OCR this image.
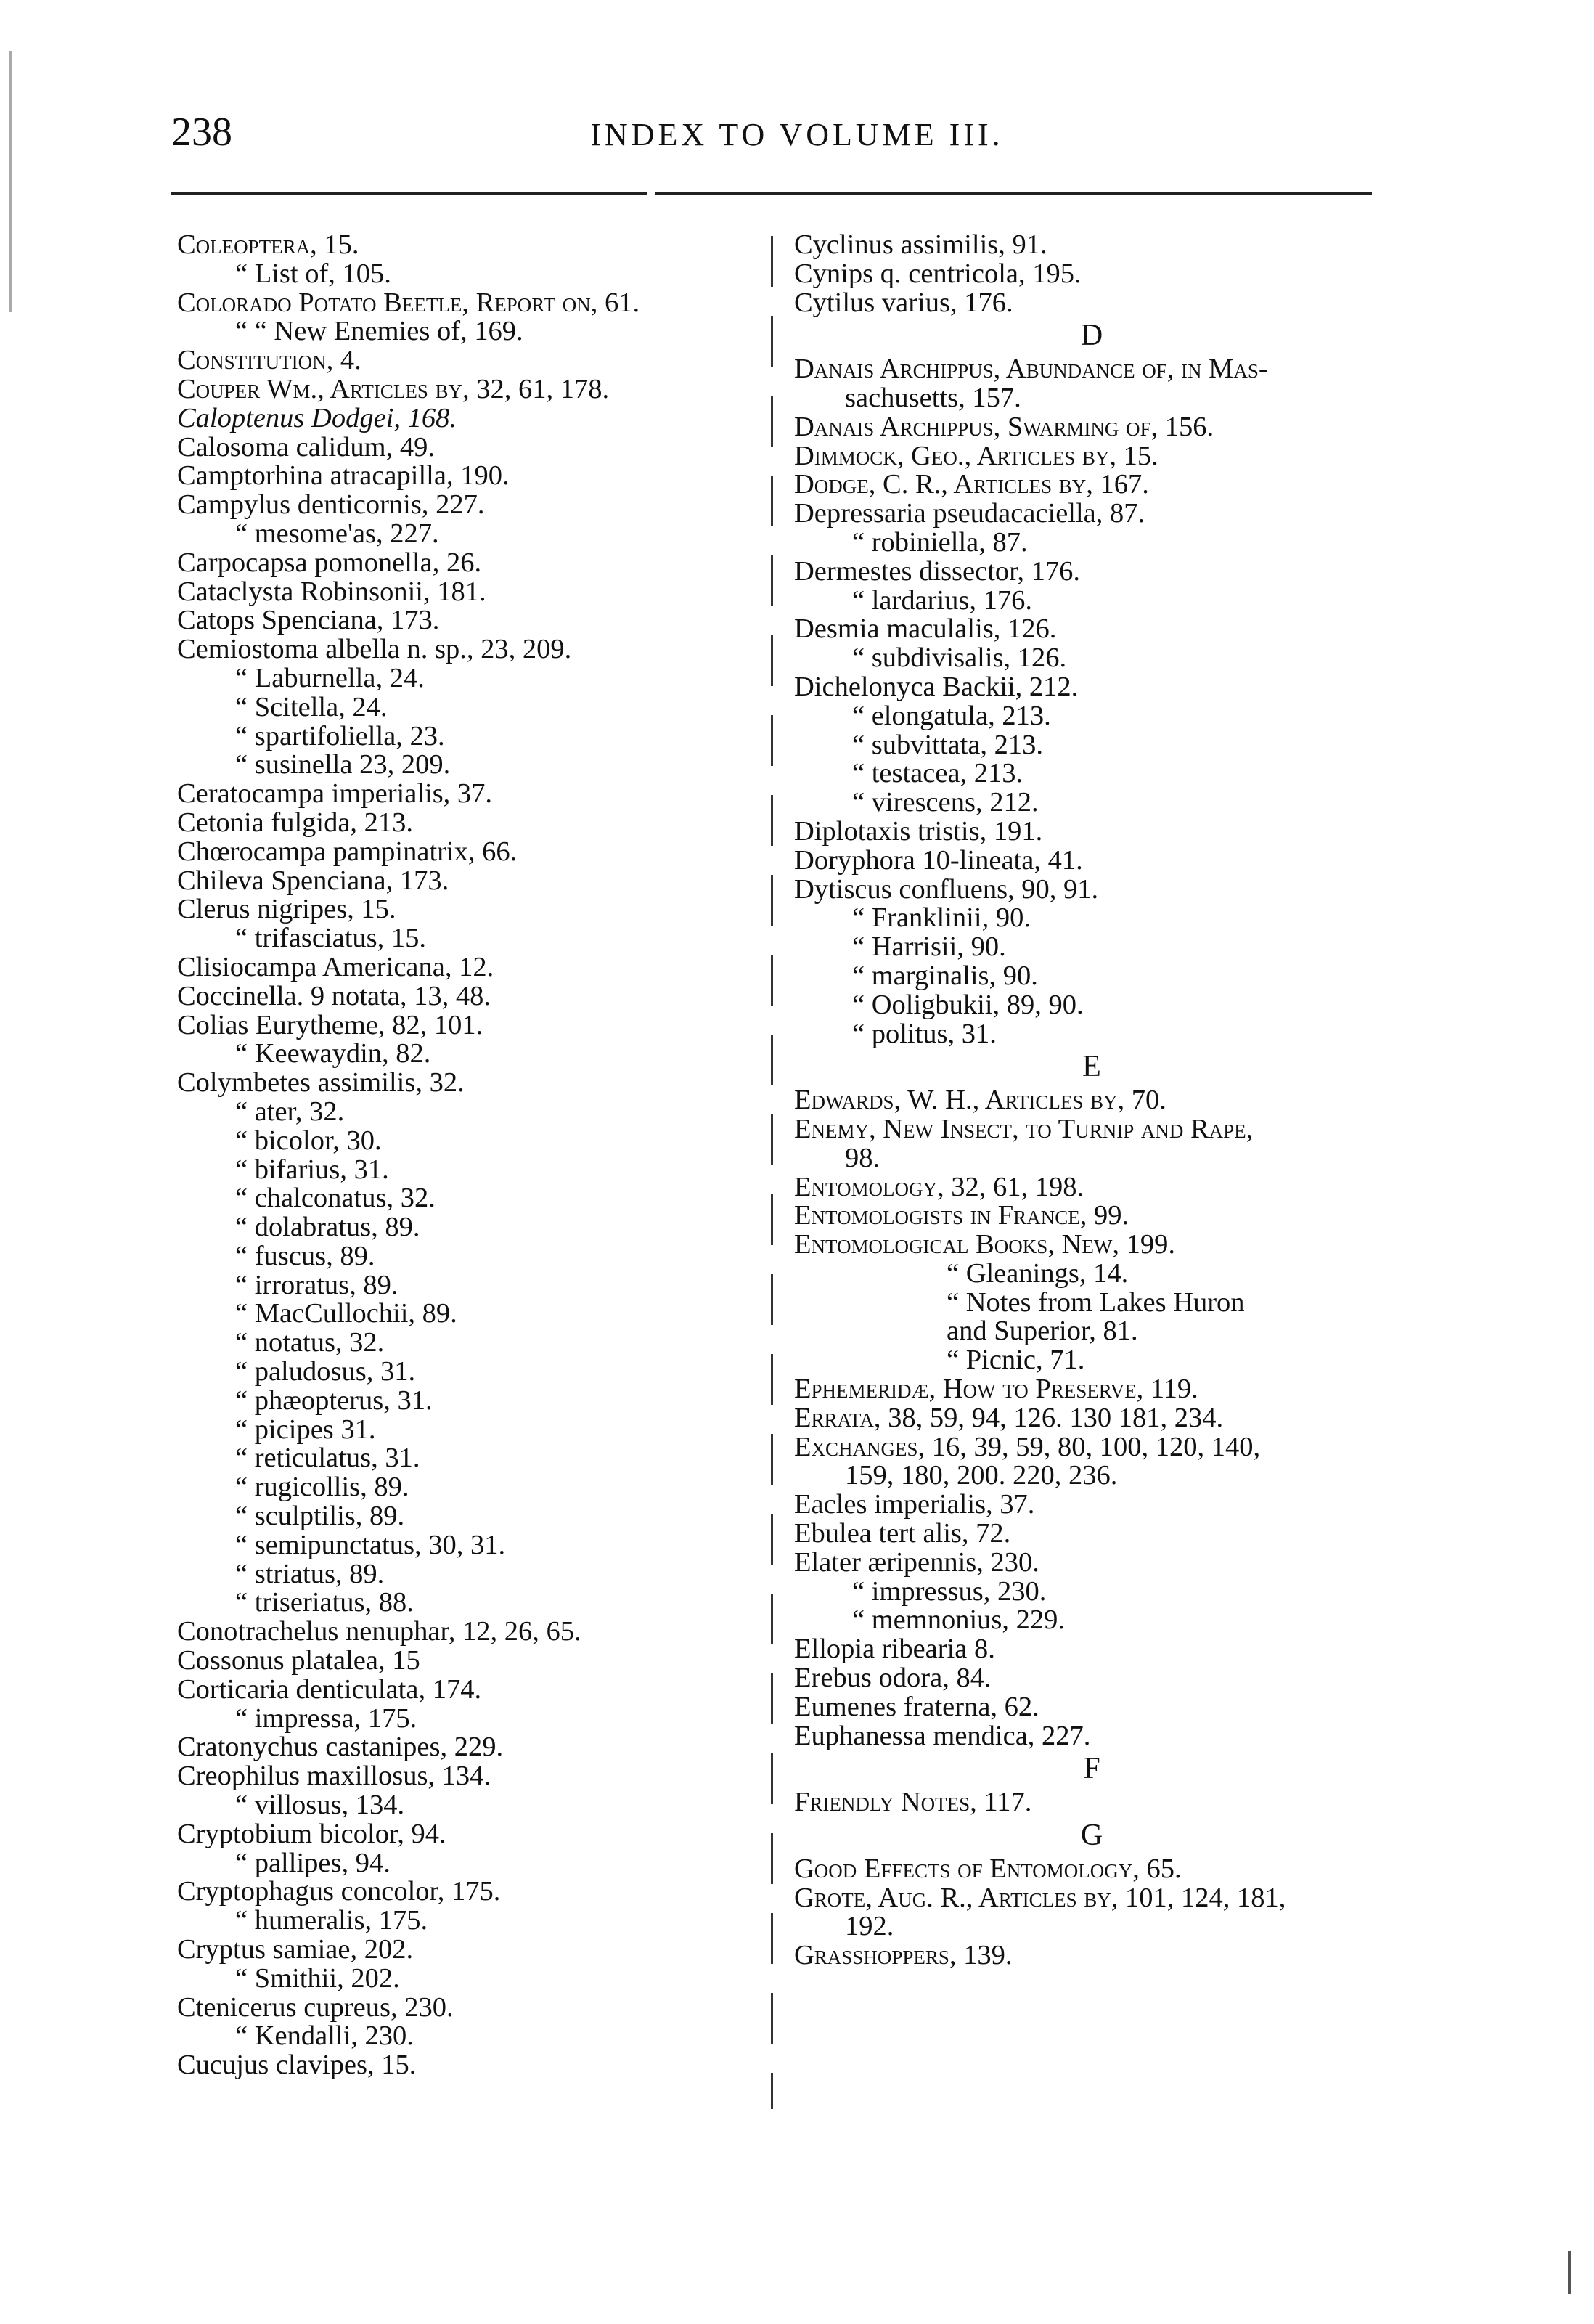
238	INDEX TO VOLUME III.
Coleoptera, 15.
“ List of, 105.
Colorado Potato Beetle, Report on, 61.
“ “ New Enemies of, 169.
Constitution, 4.
Couper Wm., Articles by, 32, 61, 178.
Caloptenus Dodgei, 168.
Calosoma calidum, 49.
Camptorhina atracapilla, 190.
Campylus denticornis, 227.
“ mesome'as, 227.
Carpocapsa pomonella, 26.
Cataclysta Robinsonii, 181.
Catops Spenciana, 173.
Cemiostoma albella n. sp., 23, 209.
“ Laburnella, 24.
“ Scitella, 24.
“ spartifoliella, 23.
“ susinella 23, 209.
Ceratocampa imperialis, 37.
Cetonia fulgida, 213.
Chœrocampa pampinatrix, 66.
Chileva Spenciana, 173.
Clerus nigripes, 15.
“ trifasciatus, 15.
Clisiocampa Americana, 12.
Coccinella. 9 notata, 13, 48.
Colias Eurytheme, 82, 101.
“ Keewaydin, 82.
Colymbetes assimilis, 32.
“ ater, 32.
“ bicolor, 30.
“ bifarius, 31.
“ chalconatus, 32.
“ dolabratus, 89.
“ fuscus, 89.
“ irroratus, 89.
“ MacCullochii, 89.
“ notatus, 32.
“ paludosus, 31.
“ phæopterus, 31.
“ picipes 31.
“ reticulatus, 31.
“ rugicollis, 89.
“ sculptilis, 89.
“ semipunctatus, 30, 31.
“ striatus, 89.
“ triseriatus, 88.
Conotrachelus nenuphar, 12, 26, 65.
Cossonus platalea, 15
Corticaria denticulata, 174.
“ impressa, 175.
Cratonychus castanipes, 229.
Creophilus maxillosus, 134.
“ villosus, 134.
Cryptobium bicolor, 94.
“ pallipes, 94.
Cryptophagus concolor, 175.
“ humeralis, 175.
Cryptus samiae, 202.
“ Smithii, 202.
Ctenicerus cupreus, 230.
“ Kendalli, 230.
Cucujus clavipes, 15.
Cyclinus assimilis, 91.
Cynips q. centricola, 195.
Cytilus varius, 176.
D
Danais Archippus, Abundance of, in Mas-
sachusetts, 157.
Danais Archippus, Swarming of, 156.
Dimmock, Geo., Articles by, 15.
Dodge, C. R., Articles by, 167.
Depressaria pseudacaciella, 87.
“ robiniella, 87.
Dermestes dissector, 176.
“ lardarius, 176.
Desmia maculalis, 126.
“ subdivisalis, 126.
Dichelonyca Backii, 212.
“ elongatula, 213.
“ subvittata, 213.
“ testacea, 213.
“ virescens, 212.
Diplotaxis tristis, 191.
Doryphora 10-lineata, 41.
Dytiscus confluens, 90, 91.
“ Franklinii, 90.
“ Harrisii, 90.
“ marginalis, 90.
“ Ooligbukii, 89, 90.
“ politus, 31.
E
Edwards, W. H., Articles by, 70.
Enemy, New Insect, to Turnip and Rape,
98.
Entomology, 32, 61, 198.
Entomologists in France, 99.
Entomological Books, New, 199.
“ Gleanings, 14.
“ Notes from Lakes Huron
and Superior, 81.
“ Picnic, 71.
Ephemeridæ, How to Preserve, 119.
Errata, 38, 59, 94, 126. 130 181, 234.
Exchanges, 16, 39, 59, 80, 100, 120, 140,
159, 180, 200. 220, 236.
Eacles imperialis, 37.
Ebulea tert alis, 72.
Elater æripennis, 230.
“ impressus, 230.
“ memnonius, 229.
Ellopia ribearia 8.
Erebus odora, 84.
Eumenes fraterna, 62.
Euphanessa mendica, 227.
F
Friendly Notes, 117.
G
Good Effects of Entomology, 65.
Grote, Aug. R., Articles by, 101, 124, 181,
192.
Grasshoppers, 139.
